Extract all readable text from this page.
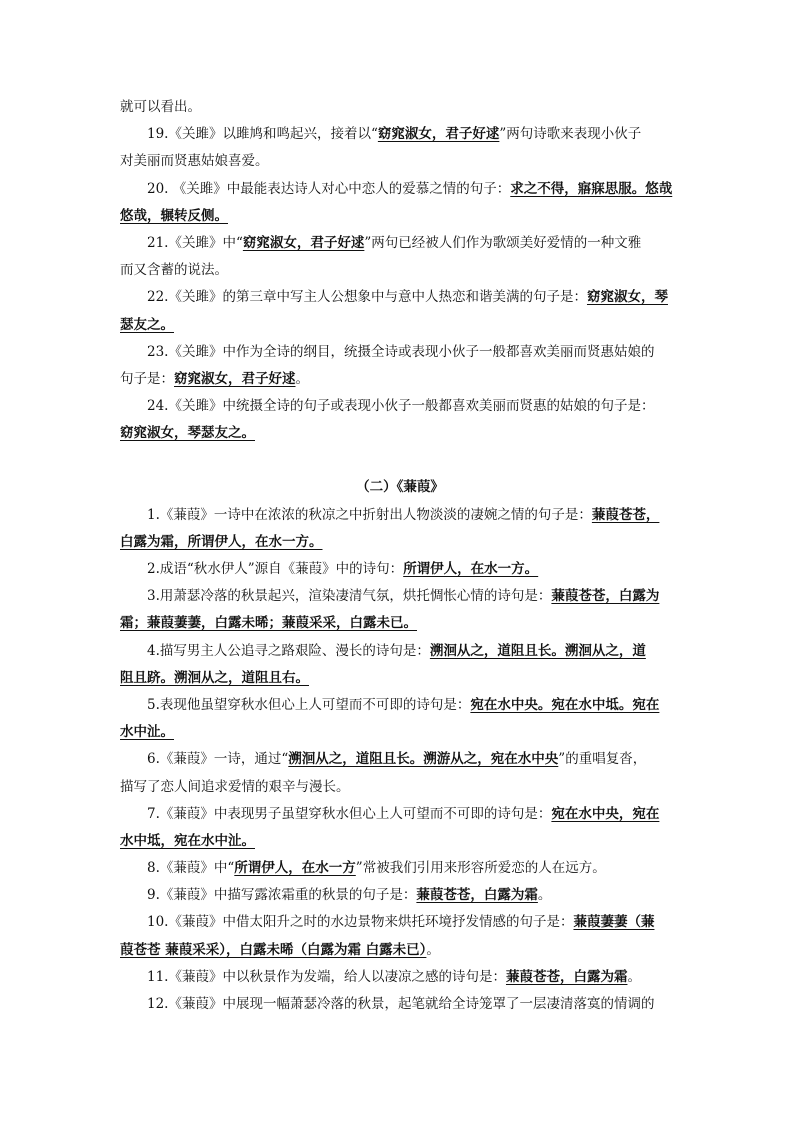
就可以看出。
19.《关雎》以雎鸠和鸣起兴，接着以“窈窕淑女，君子好逑”两句诗歌来表现小伙子
对美丽而贤惠姑娘喜爱。
20. 《关雎》中最能表达诗人对心中恋人的爱慕之情的句子：求之不得，寤寐思服。悠哉
悠哉，辗转反侧。
21.《关雎》中“窈窕淑女，君子好逑”两句已经被人们作为歌颂美好爱情的一种文雅
而又含蓄的说法。
22.《关雎》的第三章中写主人公想象中与意中人热恋和谐美满的句子是：窈窕淑女，琴
瑟友之。
23.《关雎》中作为全诗的纲目，统摄全诗或表现小伙子一般都喜欢美丽而贤惠姑娘的
句子是：窈窕淑女，君子好逑。
24.《关雎》中统摄全诗的句子或表现小伙子一般都喜欢美丽而贤惠的姑娘的句子是：
窈窕淑女，琴瑟友之。
（二）《蒹葭》
1.《蒹葭》一诗中在浓浓的秋凉之中折射出人物淡淡的凄婉之情的句子是：蒹葭苍苍，
白露为霜，所谓伊人，在水一方。
2.成语“秋水伊人”源自《蒹葭》中的诗句：所谓伊人，在水一方。
3.用萧瑟冷落的秋景起兴，渲染凄清气氛，烘托惆怅心情的诗句是：蒹葭苍苍，白露为
霜；蒹葭萋萋，白露未晞；蒹葭采采，白露未已。
4.描写男主人公追寻之路艰险、漫长的诗句是：溯洄从之，道阻且长。溯洄从之，道
阻且跻。溯洄从之，道阻且右。
5.表现他虽望穿秋水但心上人可望而不可即的诗句是：宛在水中央。宛在水中坻。宛在
水中沚。
6.《蒹葭》一诗，通过“溯洄从之，道阻且长。溯游从之，宛在水中央”的重唱复沓，
描写了恋人间追求爱情的艰辛与漫长。
7.《蒹葭》中表现男子虽望穿秋水但心上人可望而不可即的诗句是：宛在水中央，宛在
水中坻，宛在水中沚。
8.《蒹葭》中“所谓伊人，在水一方”常被我们引用来形容所爱恋的人在远方。
9.《蒹葭》中描写露浓霜重的秋景的句子是：蒹葭苍苍，白露为霜。
10.《蒹葭》中借太阳升之时的水边景物来烘托环境抒发情感的句子是：蒹葭萋萋（蒹
葭苍苍 蒹葭采采），白露未晞（白露为霜 白露未已）。
11.《蒹葭》中以秋景作为发端，给人以凄凉之感的诗句是：蒹葭苍苍，白露为霜。
12.《蒹葭》中展现一幅萧瑟冷落的秋景，起笔就给全诗笼罩了一层凄清落寞的情调的
